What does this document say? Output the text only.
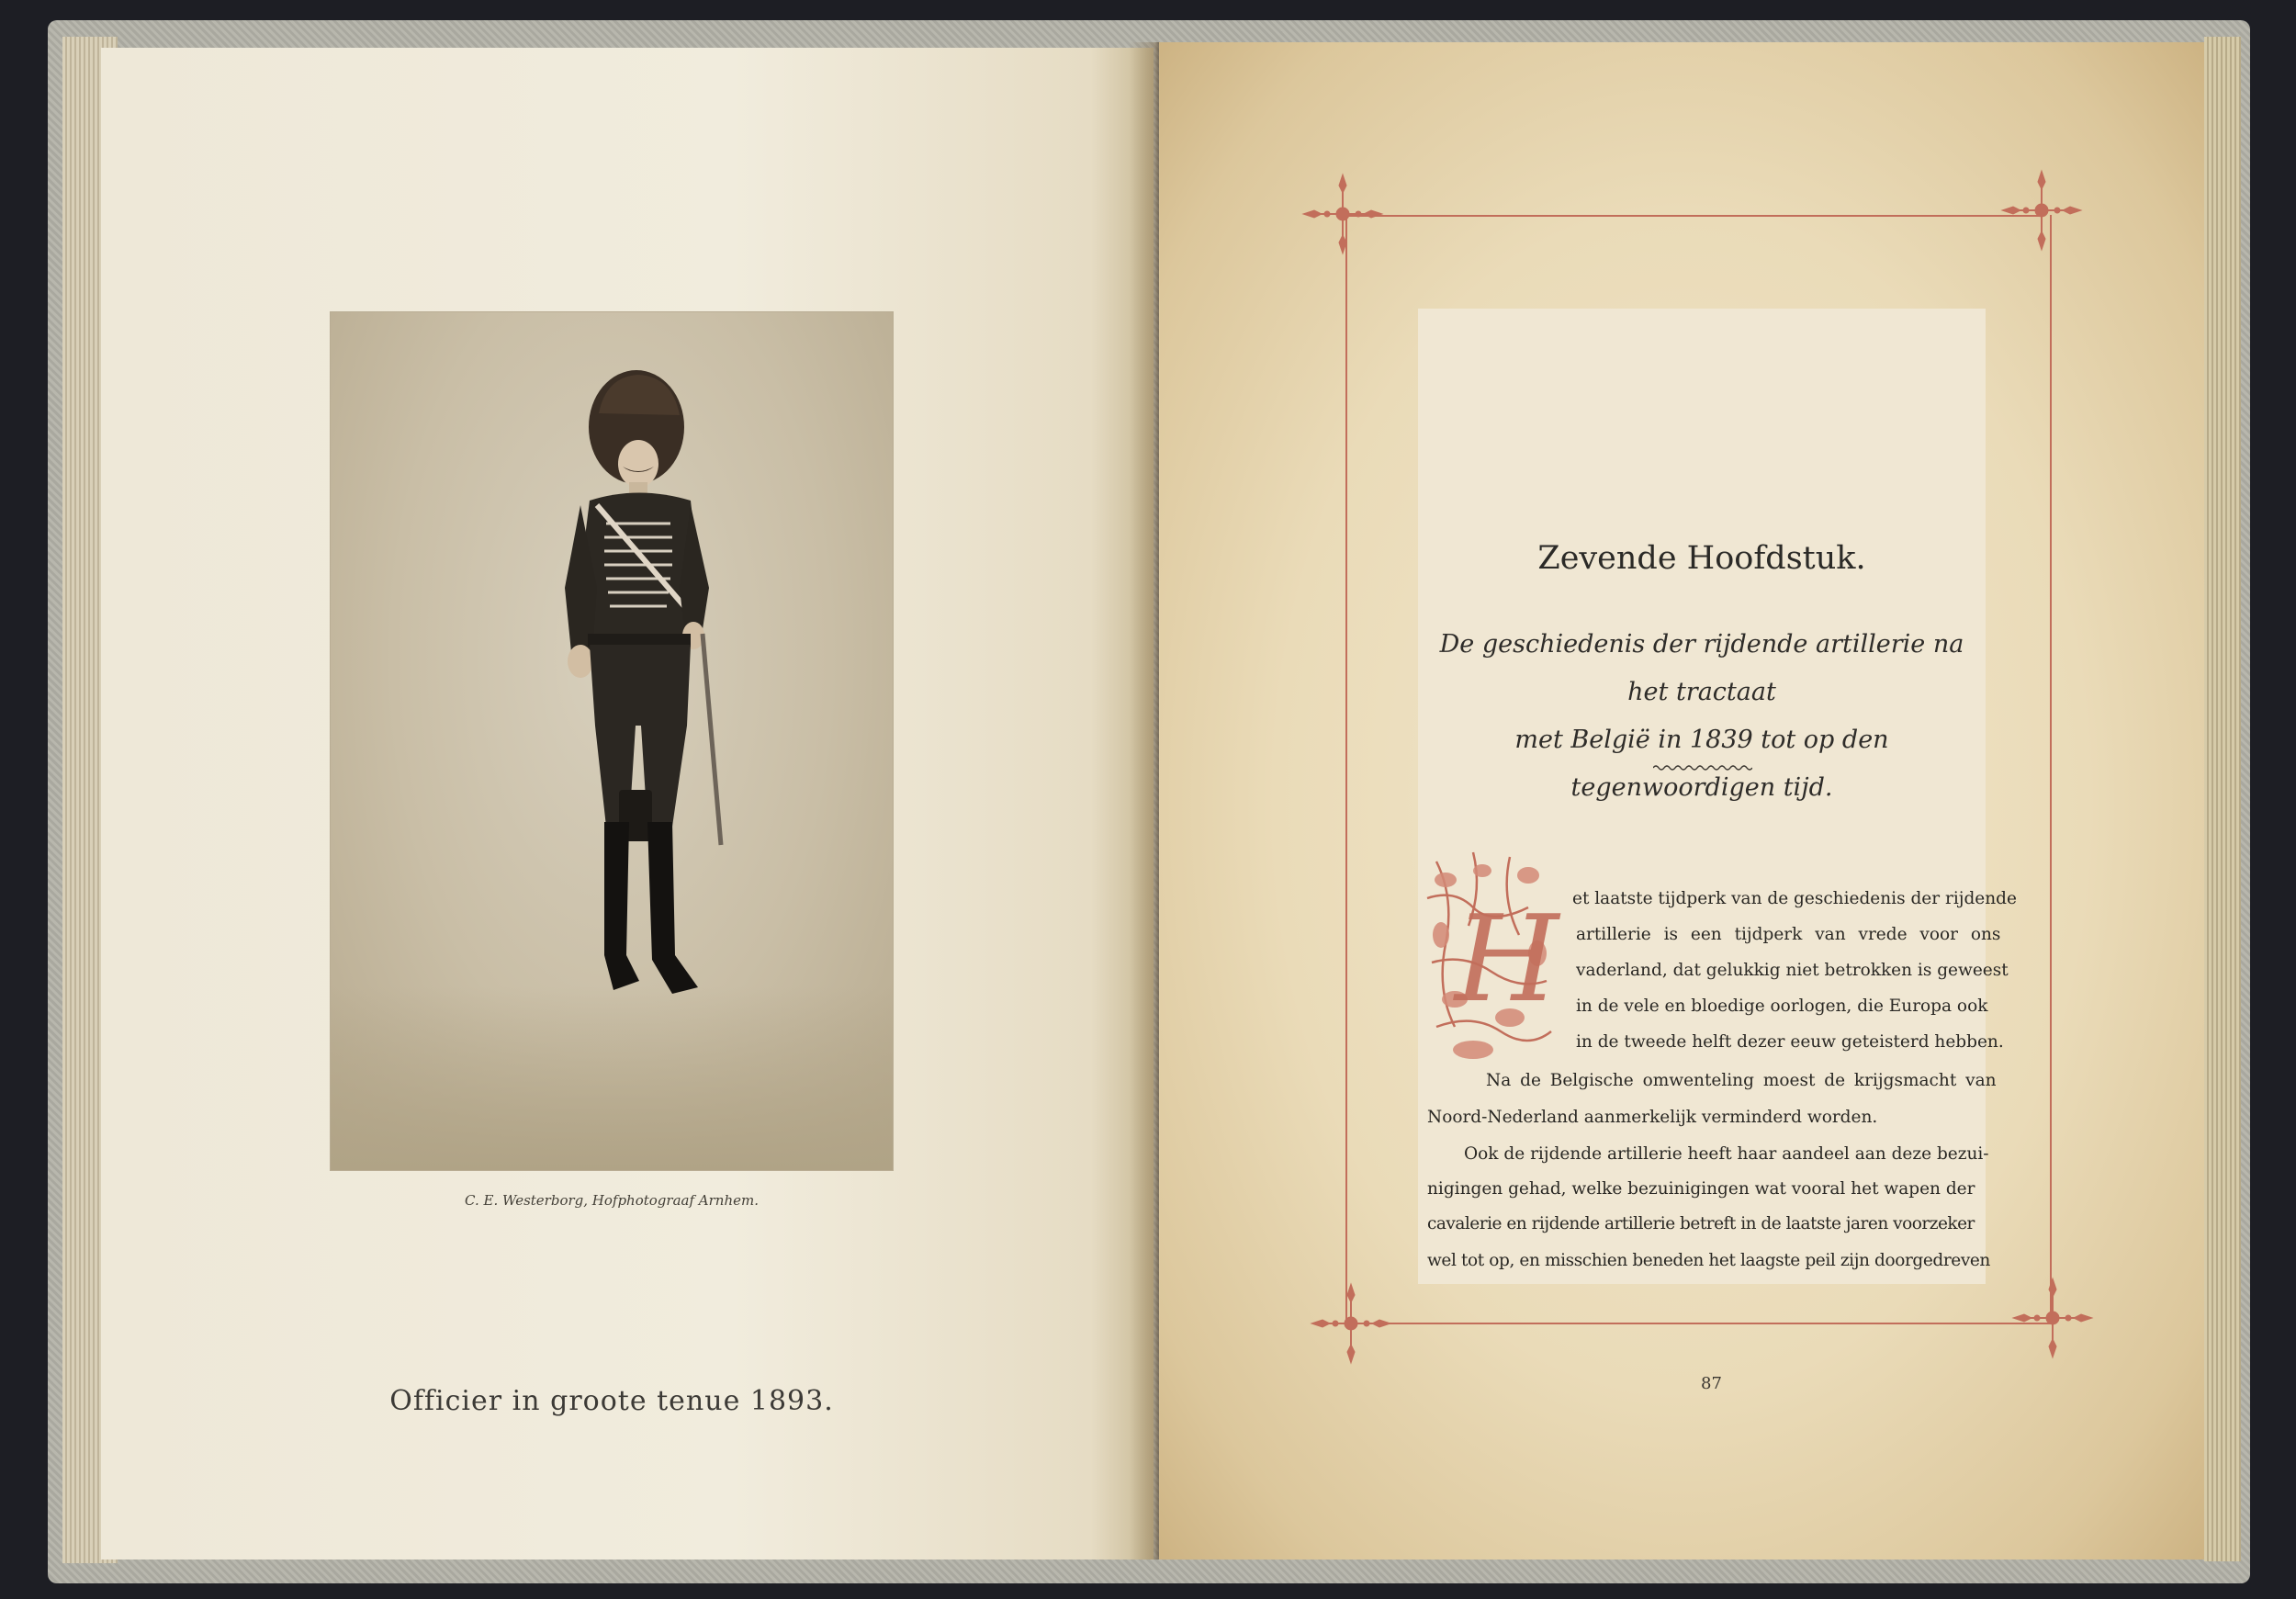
C. E. Westerborg, Hofphotograaf Arnhem.
Officier in groote tenue 1893.
Zevende Hoofdstuk.
De geschiedenis der rijdende artillerie na het tractaat
met België in 1839 tot op den tegenwoordigen tijd.
H et laatste tijdperk van de geschiedenis der rijdende
artillerie is een tijdperk van vrede voor ons
vaderland, dat gelukkig niet betrokken is geweest
in de vele en bloedige oorlogen, die Europa ook
in de tweede helft dezer eeuw geteisterd hebben.
Na de Belgische omwenteling moest de krijgsmacht van
Noord-Nederland aanmerkelijk verminderd worden.
Ook de rijdende artillerie heeft haar aandeel aan deze bezui-
nigingen gehad, welke bezuinigingen wat vooral het wapen der
cavalerie en rijdende artillerie betreft in de laatste jaren voorzeker
wel tot op, en misschien beneden het laagste peil zijn doorgedreven
87
